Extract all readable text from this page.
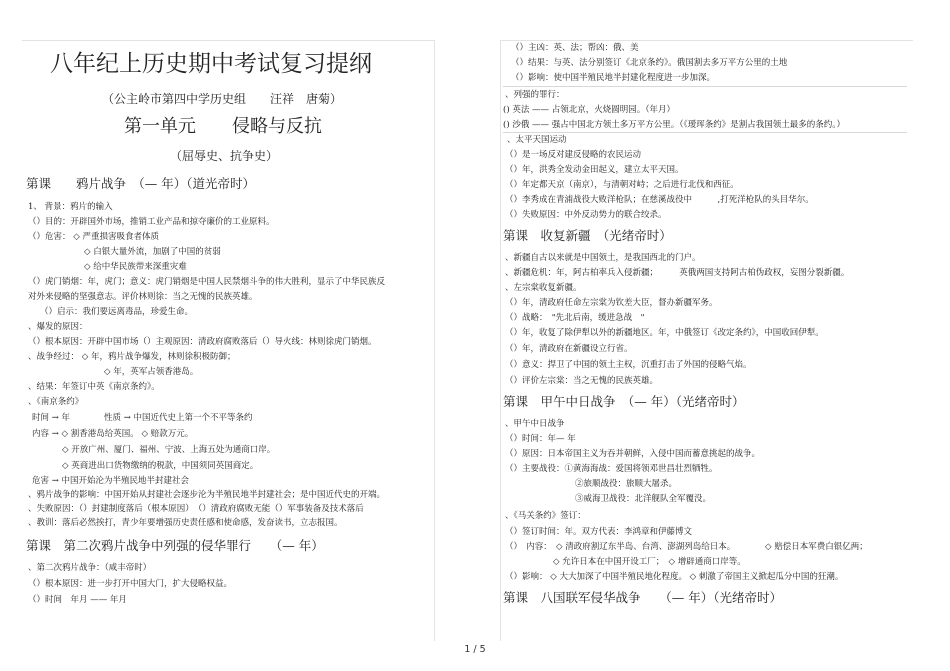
八年纪上历史期中考试复习提纲
（公主岭市第四中学历史组　　汪祥　唐菊）
第一单元　　侵略与反抗
（屈辱史、抗争史）
第课　　鸦片战争　（— 年）（道光帝时）
1、 背景：鸦片的输入
（）目的：开辟国外市场，推销工业产品和掠夺廉价的工业原料。
（）危害： ◇ 严重损害吸食者体质
◇ 白银大量外流，加剧了中国的贫弱
◇ 给中华民族带来深重灾难
（）虎门销烟：年，虎门；意义：虎门销烟是中国人民禁烟斗争的伟大胜利，显示了中华民族反
对外来侵略的坚强意志。评价林则徐：当之无愧的民族英雄。
（）启示：我们要远离毒品，珍爱生命。
、爆发的原因：
（）根本原因：开辟中国市场（）主观原因：清政府腐败落后（）导火线：林则徐虎门销烟。
、战争经过： ◇ 年，鸦片战争爆发，林则徐积极防御；
◇ 年，英军占领香港岛。
、结果：年签订中英《南京条约》。
、《南京条约》
时间 → 年　　　　性质 → 中国近代史上第一个不平等条约
内容 → ◇ 割香港岛给英国。 ◇ 赔款万元。
◇ 开放广州、厦门、福州、宁波、上海五处为通商口岸。
◇ 英商进出口货物缴纳的税款，中国须同英国商定。
危害 → 中国开始沦为半殖民地半封建社会
、鸦片战争的影响：中国开始从封建社会逐步沦为半殖民地半封建社会；是中国近代史的开端。
、失败原因：（）封建制度落后（根本原因）　（）清政府腐败无能（）军事装备及技术落后
、教训：落后必然挨打，青少年要增强历史责任感和使命感，发奋读书，立志报国。
第课　第二次鸦片战争中列强的侵华罪行　　（— 年）
、第二次鸦片战争：（咸丰帝时）
（）根本原因：进一步打开中国大门，扩大侵略权益。
（）时间　年月 —— 年月
（）主凶：英、法；帮凶：俄、美
（）结果：与英、法分别签订《北京条约》。俄国割去多万平方公里的土地
（）影响：使中国半殖民地半封建化程度进一步加深。
、列强的罪行：
() 英法 —— 占领北京，火烧圆明园。（年月）
() 沙俄 —— 强占中国北方领土多万平方公里。（《瑷珲条约》是割占我国领土最多的条约。）
、太平天国运动
（）是一场反对建反侵略的农民运动
（）年，洪秀全发动金田起义，建立太平天国。
（）年定都天京（南京），与清朝对峙；之后进行北伐和西征。
（）李秀成在青浦战役大败洋枪队；在慈溪战役中　　　,打死洋枪队的头目华尔。
（）失败原因：中外反动势力的联合绞杀。
第课　收复新疆　（光绪帝时）
、新疆自古以来就是中国领土，是我国西北的门户。
、新疆危机：年，阿古柏率兵入侵新疆；　　　英俄两国支持阿古柏伪政权，妄图分裂新疆。
、左宗棠收复新疆。
（）年，清政府任命左宗棠为钦差大臣，督办新疆军务。
（）战略：　"先北后南，缓进急战　"
（）年，收复了除伊犁以外的新疆地区。年，中俄签订《改定条约》，中国收回伊犁。
（）年，清政府在新疆设立行省。
（）意义：捍卫了中国的领土主权，沉重打击了外国的侵略气焰。
（）评价左宗棠：当之无愧的民族英雄。
第课　甲午中日战争　（— 年）（光绪帝时）
、甲午中日战争
（）时间：年— 年
（）原因：日本帝国主义为吞并朝鲜，入侵中国而蓄意挑起的战争。
（）主要战役：①黄海海战：爱国将领邓世昌壮烈牺牲。
②旅顺战役：旅顺大屠杀。
③威海卫战役：北洋舰队全军覆没。
、《马关条约》签订：
（）签订时间：年。双方代表：李鸿章和伊藤博文
（）　内容：　◇ 清政府割辽东半岛、台湾、澎湖列岛给日本。　　　　◇ 赔偿日本军费白银亿两；
◇ 允许日本在中国开设工厂；　◇ 增辟通商口岸等。
（）影响： ◇ 大大加深了中国半殖民地化程度。 ◇ 刺激了帝国主义掀起瓜分中国的狂潮。
第课　八国联军侵华战争　　（— 年）（光绪帝时）
1 / 5
